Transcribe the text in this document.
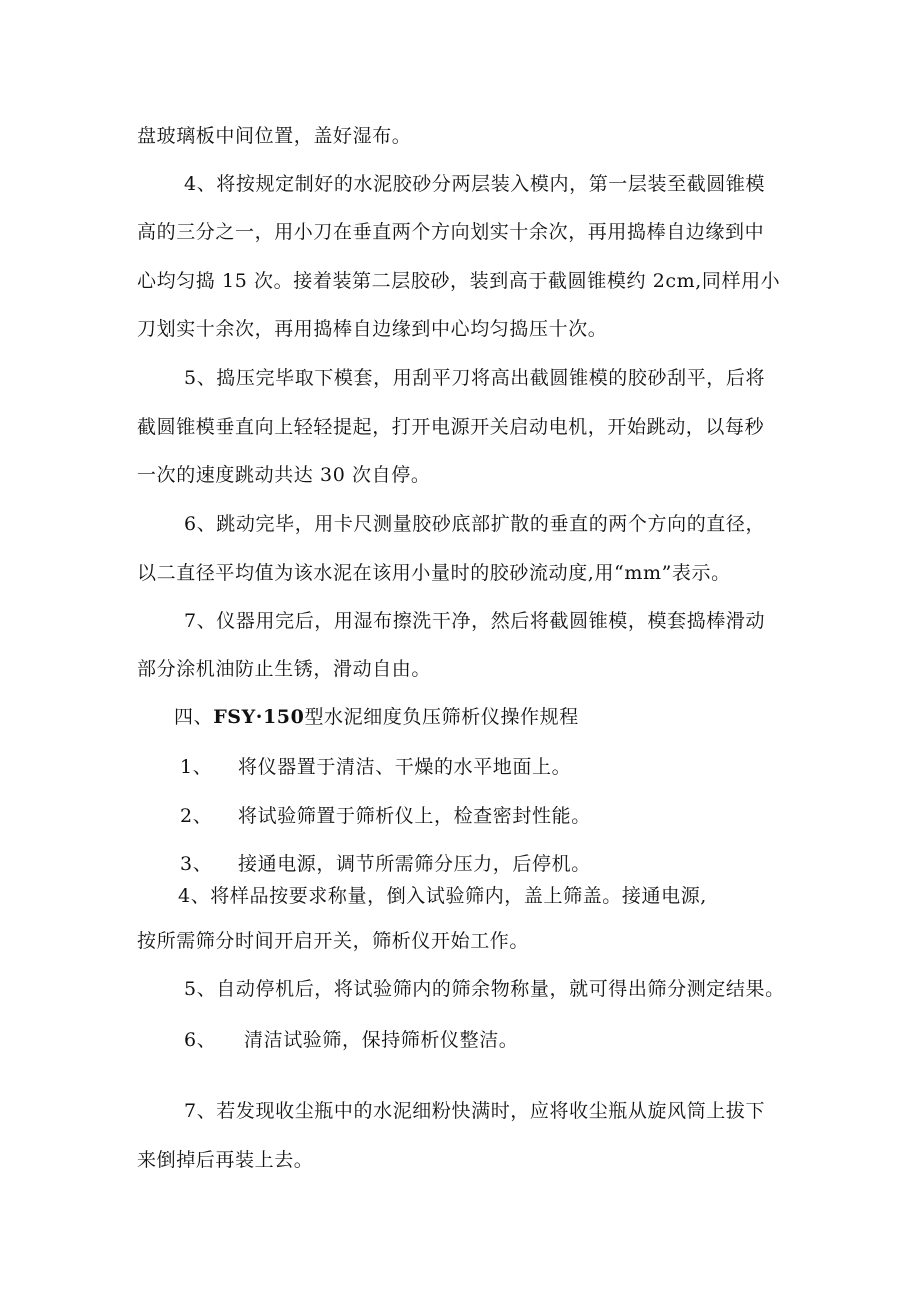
盘玻璃板中间位置，盖好湿布。
4、将按规定制好的水泥胶砂分两层装入模内，第一层装至截圆锥模
高的三分之一，用小刀在垂直两个方向划实十余次，再用捣棒自边缘到中
心均匀捣 15 次。接着装第二层胶砂，装到高于截圆锥模约 2cm,同样用小
刀划实十余次，再用捣棒自边缘到中心均匀捣压十次。
5、捣压完毕取下模套，用刮平刀将高出截圆锥模的胶砂刮平，后将
截圆锥模垂直向上轻轻提起，打开电源开关启动电机，开始跳动，以每秒
一次的速度跳动共达 30 次自停。
6、跳动完毕，用卡尺测量胶砂底部扩散的垂直的两个方向的直径，
以二直径平均值为该水泥在该用小量时的胶砂流动度,用“mm”表示。
7、仪器用完后，用湿布擦洗干净，然后将截圆锥模，模套捣棒滑动
部分涂机油防止生锈，滑动自由。
四、FSY·150型水泥细度负压筛析仪操作规程
1、 将仪器置于清洁、干燥的水平地面上。
2、 将试验筛置于筛析仪上，检查密封性能。
3、 接通电源，调节所需筛分压力，后停机。
4、将样品按要求称量，倒入试验筛内，盖上筛盖。接通电源,
按所需筛分时间开启开关，筛析仪开始工作。
5、自动停机后，将试验筛内的筛余物称量，就可得出筛分测定结果。
6、 清洁试验筛，保持筛析仪整洁。
7、若发现收尘瓶中的水泥细粉快满时，应将收尘瓶从旋风筒上拔下
来倒掉后再装上去。
